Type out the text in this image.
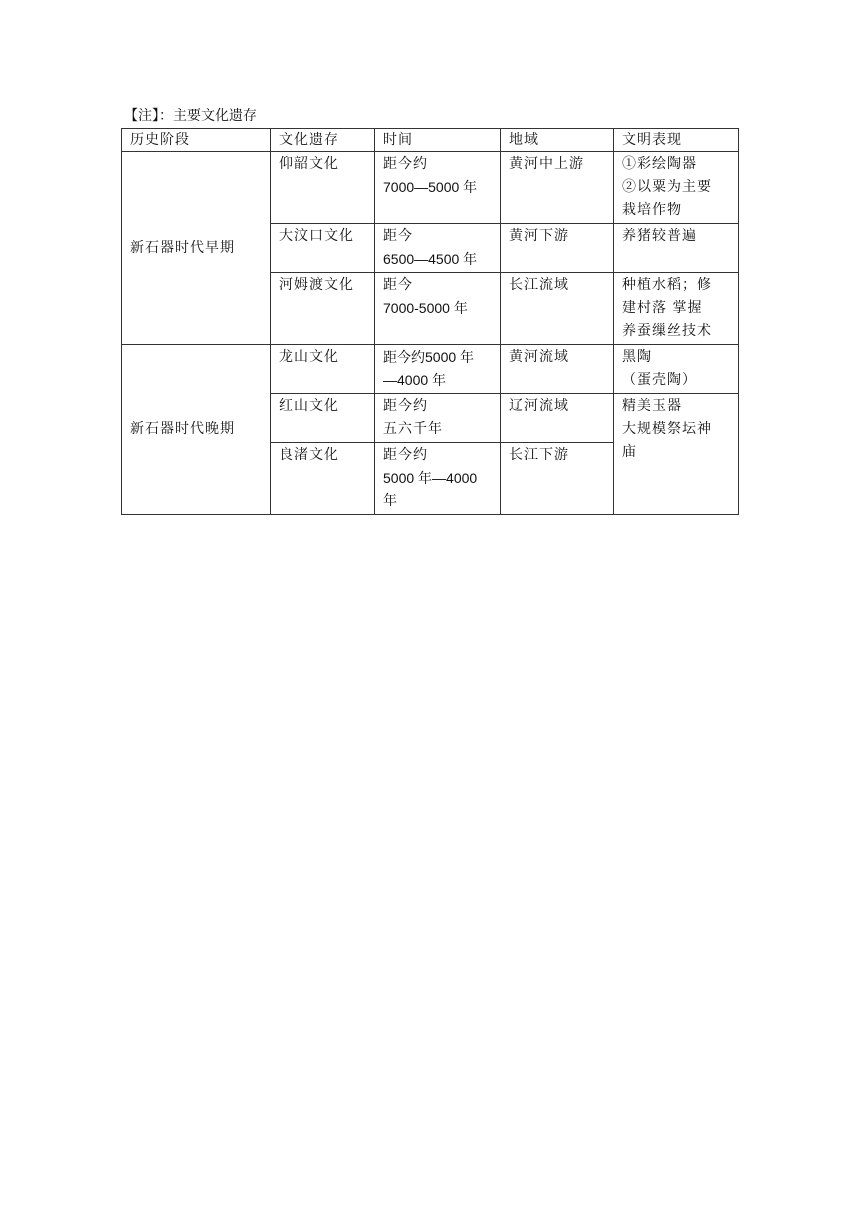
【注】：主要文化遗存
历史阶段	文化遗存	时间	地域	文明表现
新石器时代早期	仰韶文化	距今约
7000—5000 年	黄河中上游	①彩绘陶器
②以粟为主要
栽培作物

	大汶口文化	距今
6500—4500 年	黄河下游	养猪较普遍

	河姆渡文化	距今
7000-5000 年	长江流域	种植水稻；修
建村落 掌握
养蚕缫丝技术

新石器时代晚期	龙山文化	距今约5000 年
—4000 年	黄河流域	黑陶
（蛋壳陶）

	红山文化	距今约
五六千年	辽河流域	精美玉器
大规模祭坛神
庙

	良渚文化	距今约
5000 年—4000
年	长江下游	
